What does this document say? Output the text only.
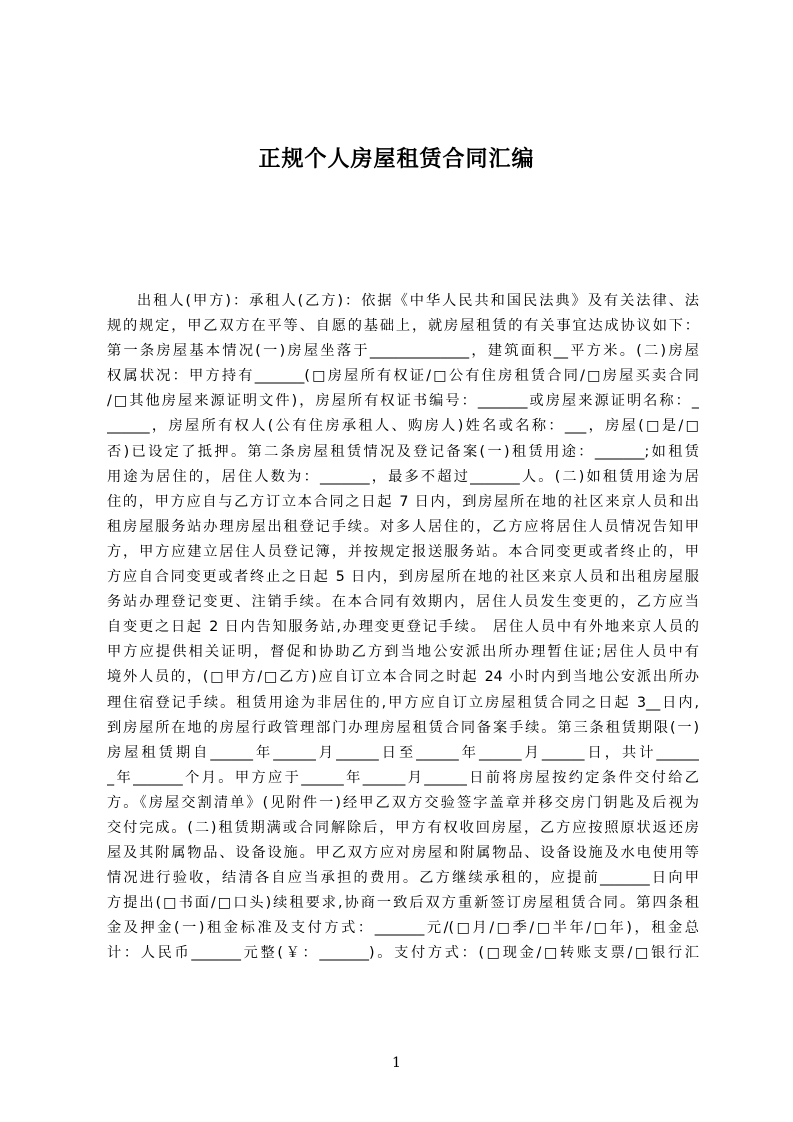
正规个人房屋租赁合同汇编
出租人(甲方)：承租人(乙方)：依据《中华人民共和国民法典》及有关法律、法
规的规定，甲乙双方在平等、自愿的基础上，就房屋租赁的有关事宜达成协议如下：
第一条房屋基本情况(一)房屋坐落于______________，建筑面积__平方米。(二)房屋
权属状况：甲方持有_______(□房屋所有权证/□公有住房租赁合同/□房屋买卖合同
/□其他房屋来源证明文件)，房屋所有权证书编号：_______或房屋来源证明名称：_
______，房屋所有权人(公有住房承租人、购房人)姓名或名称：___，房屋(□是/□
否)已设定了抵押。第二条房屋租赁情况及登记备案(一)租赁用途：_______;如租赁
用途为居住的，居住人数为：_______，最多不超过_______人。(二)如租赁用途为居
住的，甲方应自与乙方订立本合同之日起 7 日内，到房屋所在地的社区来京人员和出
租房屋服务站办理房屋出租登记手续。对多人居住的，乙方应将居住人员情况告知甲
方，甲方应建立居住人员登记簿，并按规定报送服务站。本合同变更或者终止的，甲
方应自合同变更或者终止之日起 5 日内，到房屋所在地的社区来京人员和出租房屋服
务站办理登记变更、注销手续。在本合同有效期内，居住人员发生变更的，乙方应当
自变更之日起 2 日内告知服务站,办理变更登记手续。 居住人员中有外地来京人员的
甲方应提供相关证明，督促和协助乙方到当地公安派出所办理暂住证;居住人员中有
境外人员的，(□甲方/□乙方)应自订立本合同之时起 24 小时内到当地公安派出所办
理住宿登记手续。租赁用途为非居住的,甲方应自订立房屋租赁合同之日起 3__日内,
到房屋所在地的房屋行政管理部门办理房屋租赁合同备案手续。第三条租赁期限(一)
房屋租赁期自______年______月______日至______年______月______日，共计______
_年_______个月。甲方应于______年______月______日前将房屋按约定条件交付给乙
方。《房屋交割清单》(见附件一)经甲乙双方交验签字盖章并移交房门钥匙及后视为
交付完成。(二)租赁期满或合同解除后，甲方有权收回房屋，乙方应按照原状返还房
屋及其附属物品、设备设施。甲乙双方应对房屋和附属物品、设备设施及水电使用等
情况进行验收，结清各自应当承担的费用。乙方继续承租的，应提前_______日向甲
方提出(□书面/□口头)续租要求,协商一致后双方重新签订房屋租赁合同。第四条租
金及押金(一)租金标准及支付方式：_______元/(□月/□季/□半年/□年)，租金总
计：人民币_______元整(￥：_______)。支付方式：(□现金/□转账支票/□银行汇
1
